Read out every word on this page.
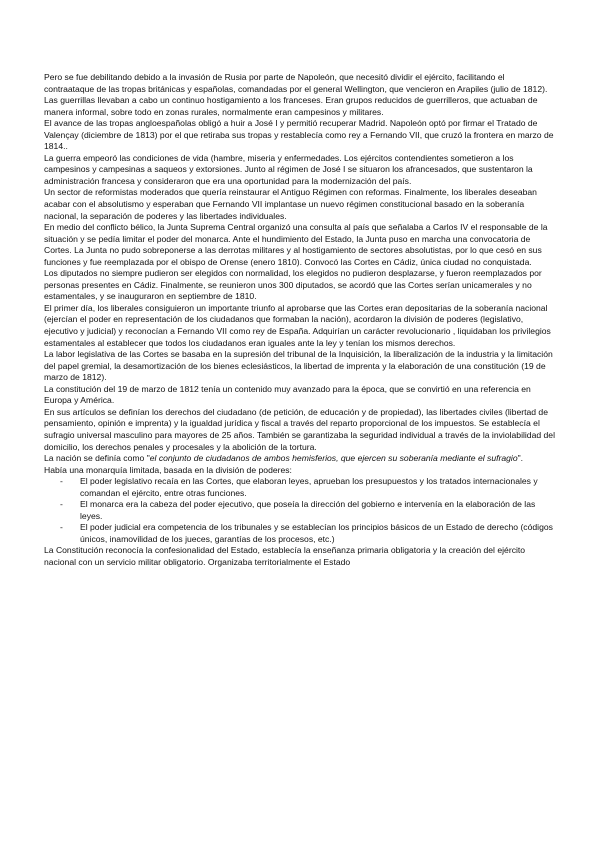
Pero se fue debilitando debido a la invasión de Rusia por parte de Napoleón, que necesitó dividir el ejército, facilitando el contraataque de las tropas británicas y españolas, comandadas por el general Wellington, que vencieron en Arapiles (julio de 1812).

Las guerrillas llevaban a cabo un continuo hostigamiento a los franceses. Eran grupos reducidos de guerrilleros, que actuaban de manera informal, sobre todo en zonas rurales, normalmente eran campesinos y militares.

El avance de las tropas angloespañolas obligó a huir a José I y permitió recuperar Madrid. Napoleón optó por firmar el Tratado de Valençay (diciembre de 1813) por el que retiraba sus tropas y restablecía como rey a Fernando VII, que cruzó la frontera en marzo de 1814..

La guerra empeoró las condiciones de vida (hambre, miseria y enfermedades. Los ejércitos contendientes sometieron a los campesinos y campesinas a saqueos y extorsiones. Junto al régimen de José I se situaron los afrancesados, que sustentaron la administración francesa y consideraron que era una oportunidad para la modernización del país.

Un sector de reformistas moderados que quería reinstaurar el Antiguo Régimen con reformas. Finalmente, los liberales deseaban acabar con el absolutismo y esperaban que Fernando VII implantase un nuevo régimen constitucional basado en la soberanía nacional, la separación de poderes y las libertades individuales.

En medio del conflicto bélico, la Junta Suprema Central organizó una consulta al país que señalaba a Carlos IV el responsable de la situación y se pedía limitar el poder del monarca. Ante el hundimiento del Estado, la Junta puso en marcha una convocatoria de Cortes. La Junta no pudo sobreponerse a las derrotas militares y al hostigamiento de sectores absolutistas, por lo que cesó en sus funciones y fue reemplazada por el obispo de Orense (enero 1810). Convocó las Cortes en Cádiz, única ciudad no conquistada.

Los diputados no siempre pudieron ser elegidos con normalidad, los elegidos no pudieron desplazarse, y fueron reemplazados por personas presentes en Cádiz. Finalmente, se reunieron unos 300 diputados, se acordó que las Cortes serían unicamerales y no estamentales, y se inauguraron en septiembre de 1810.

El primer día, los liberales consiguieron un importante triunfo al aprobarse que las Cortes eran depositarias de la soberanía nacional (ejercían el poder en representación de los ciudadanos que formaban la nación), acordaron la división de poderes (legislativo, ejecutivo y judicial) y reconocían a Fernando VII como rey de España. Adquirían un carácter revolucionario , liquidaban los privilegios estamentales al establecer que todos los ciudadanos eran iguales ante la ley y tenían los mismos derechos.

La labor legislativa de las Cortes se basaba en la supresión del tribunal de la Inquisición, la liberalización de la industria y la limitación del papel gremial, la desamortización de los bienes eclesiásticos, la libertad de imprenta y la elaboración de una constitución (19 de marzo de 1812).

La constitución del 19 de marzo de 1812 tenía un contenido muy avanzado para la época, que se convirtió en una referencia en Europa y América.

En sus artículos se definían los derechos del ciudadano (de petición, de educación y de propiedad), las libertades civiles (libertad de pensamiento, opinión e imprenta) y la igualdad jurídica y fiscal a través del reparto proporcional de los impuestos. Se establecía el sufragio universal masculino para mayores de 25 años. También se garantizaba la seguridad individual a través de la inviolabilidad del domicilio, los derechos penales y procesales y la abolición de la tortura.

La nación se definía como "el conjunto de ciudadanos de ambos hemisferios, que ejercen su soberanía mediante el sufragio".

Había una monarquía limitada, basada en la división de poderes:

- El poder legislativo recaía en las Cortes, que elaboran leyes, aprueban los presupuestos y los tratados internacionales y comandan el ejército, entre otras funciones.
- El monarca era la cabeza del poder ejecutivo, que poseía la dirección del gobierno e intervenía en la elaboración de las leyes.
- El poder judicial era competencia de los tribunales y se establecían los principios básicos de un Estado de derecho (códigos únicos, inamovilidad de los jueces, garantías de los procesos, etc.)

La Constitución reconocía la confesionalidad del Estado, establecía la enseñanza primaria obligatoria y la creación del ejército nacional con un servicio militar obligatorio. Organizaba territorialmente el Estado
